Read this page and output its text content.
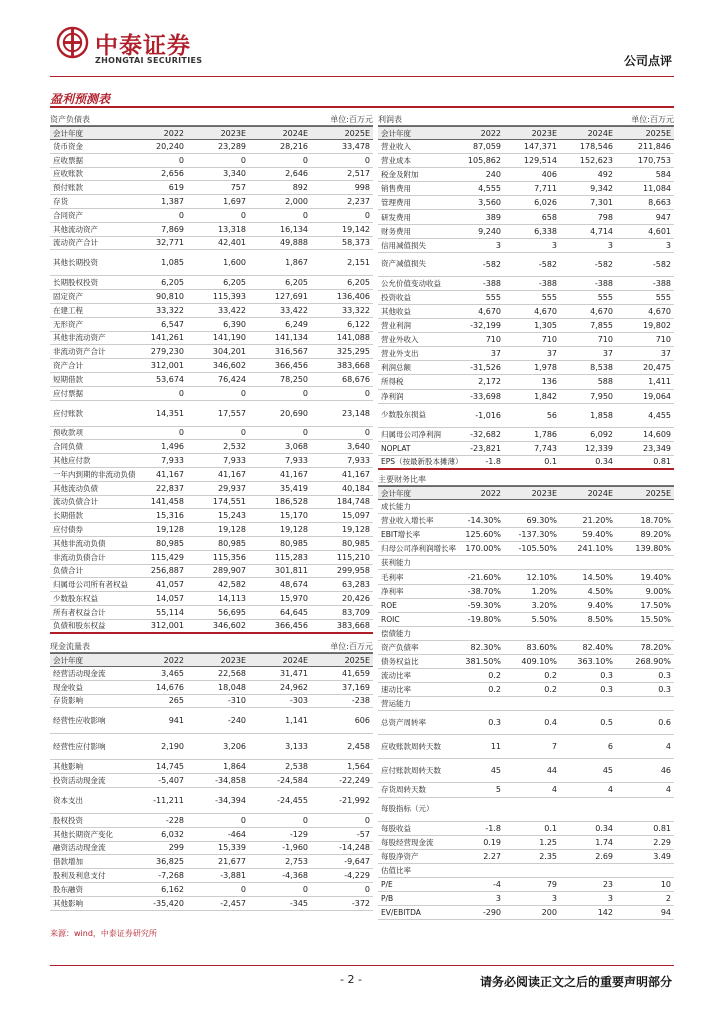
中泰证券
ZHONGTAI SECURITIES	公司点评
盈利预测表
资产负债表	单位:百万元
会计年度	2022	2023E	2024E	2025E
货币资金	20,240	23,289	28,216	33,478
应收票据	0	0	0	0
应收账款	2,656	3,340	2,646	2,517
预付账款	619	757	892	998
存货	1,387	1,697	2,000	2,237
合同资产	0	0	0	0
其他流动资产	7,869	13,318	16,134	19,142
流动资产合计	32,771	42,401	49,888	58,373
其他长期投资	1,085	1,600	1,867	2,151
长期股权投资	6,205	6,205	6,205	6,205
固定资产	90,810	115,393	127,691	136,406
在建工程	33,322	33,422	33,422	33,322
无形资产	6,547	6,390	6,249	6,122
其他非流动资产	141,261	141,190	141,134	141,088
非流动资产合计	279,230	304,201	316,567	325,295
资产合计	312,001	346,602	366,456	383,668
短期借款	53,674	76,424	78,250	68,676
应付票据	0	0	0	0
应付账款	14,351	17,557	20,690	23,148
预收款项	0	0	0	0
合同负债	1,496	2,532	3,068	3,640
其他应付款	7,933	7,933	7,933	7,933
一年内到期的非流动负债	41,167	41,167	41,167	41,167
其他流动负债	22,837	29,937	35,419	40,184
流动负债合计	141,458	174,551	186,528	184,748
长期借款	15,316	15,243	15,170	15,097
应付债券	19,128	19,128	19,128	19,128
其他非流动负债	80,985	80,985	80,985	80,985
非流动负债合计	115,429	115,356	115,283	115,210
负债合计	256,887	289,907	301,811	299,958
归属母公司所有者权益	41,057	42,582	48,674	63,283
少数股东权益	14,057	14,113	15,970	20,426
所有者权益合计	55,114	56,695	64,645	83,709
负债和股东权益	312,001	346,602	366,456	383,668
现金流量表	单位:百万元
会计年度	2022	2023E	2024E	2025E
经营活动现金流	3,465	22,568	31,471	41,659
现金收益	14,676	18,048	24,962	37,169
存货影响	265	-310	-303	-238
经营性应收影响	941	-240	1,141	606
经营性应付影响	2,190	3,206	3,133	2,458
其他影响	14,745	1,864	2,538	1,564
投资活动现金流	-5,407	-34,858	-24,584	-22,249
资本支出	-11,211	-34,394	-24,455	-21,992
股权投资	-228	0	0	0
其他长期资产变化	6,032	-464	-129	-57
融资活动现金流	299	15,339	-1,960	-14,248
借款增加	36,825	21,677	2,753	-9,647
股利及利息支付	-7,268	-3,881	-4,368	-4,229
股东融资	6,162	0	0	0
其他影响	-35,420	-2,457	-345	-372
利润表	单位:百万元
会计年度	2022	2023E	2024E	2025E
营业收入	87,059	147,371	178,546	211,846
营业成本	105,862	129,514	152,623	170,753
税金及附加	240	406	492	584
销售费用	4,555	7,711	9,342	11,084
管理费用	3,560	6,026	7,301	8,663
研发费用	389	658	798	947
财务费用	9,240	6,338	4,714	4,601
信用减值损失	3	3	3	3
资产减值损失	-582	-582	-582	-582
公允价值变动收益	-388	-388	-388	-388
投资收益	555	555	555	555
其他收益	4,670	4,670	4,670	4,670
营业利润	-32,199	1,305	7,855	19,802
营业外收入	710	710	710	710
营业外支出	37	37	37	37
利润总额	-31,526	1,978	8,538	20,475
所得税	2,172	136	588	1,411
净利润	-33,698	1,842	7,950	19,064
少数股东损益	-1,016	56	1,858	4,455
归属母公司净利润	-32,682	1,786	6,092	14,609
NOPLAT	-23,821	7,743	12,339	23,349
EPS（按最新股本摊薄）	-1.8	0.1	0.34	0.81
主要财务比率
会计年度	2022	2023E	2024E	2025E
成长能力
营业收入增长率	-14.30%	69.30%	21.20%	18.70%
EBIT增长率	125.60%	-137.30%	59.40%	89.20%
归母公司净利润增长率	170.00%	-105.50%	241.10%	139.80%
获利能力
毛利率	-21.60%	12.10%	14.50%	19.40%
净利率	-38.70%	1.20%	4.50%	9.00%
ROE	-59.30%	3.20%	9.40%	17.50%
ROIC	-19.80%	5.50%	8.50%	15.50%
偿债能力
资产负债率	82.30%	83.60%	82.40%	78.20%
债务权益比	381.50%	409.10%	363.10%	268.90%
流动比率	0.2	0.2	0.3	0.3
速动比率	0.2	0.2	0.3	0.3
营运能力
总资产周转率	0.3	0.4	0.5	0.6
应收账款周转天数	11	7	6	4
应付账款周转天数	45	44	45	46
存货周转天数	5	4	4	4
每股指标（元）
每股收益	-1.8	0.1	0.34	0.81
每股经营现金流	0.19	1.25	1.74	2.29
每股净资产	2.27	2.35	2.69	3.49
估值比率
P/E	-4	79	23	10
P/B	3	3	3	2
EV/EBITDA	-290	200	142	94
来源：wind，中泰证券研究所
- 2 -	请务必阅读正文之后的重要声明部分
